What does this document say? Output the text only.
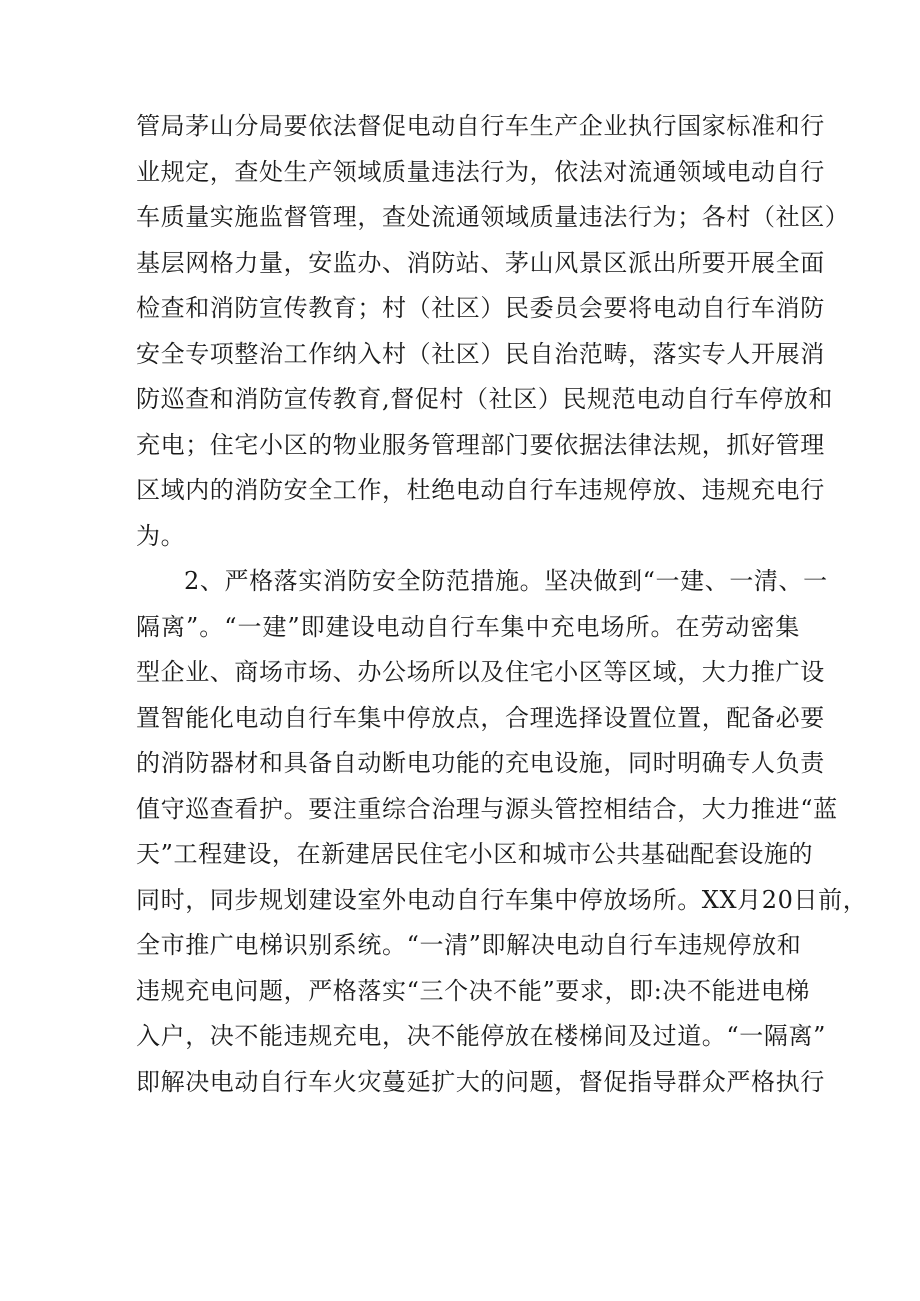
管局茅山分局要依法督促电动自行车生产企业执行国家标准和行
业规定，查处生产领域质量违法行为，依法对流通领域电动自行
车质量实施监督管理，查处流通领域质量违法行为；各村（社区）
基层网格力量，安监办、消防站、茅山风景区派出所要开展全面
检查和消防宣传教育；村（社区）民委员会要将电动自行车消防
安全专项整治工作纳入村（社区）民自治范畴，落实专人开展消
防巡查和消防宣传教育,督促村（社区）民规范电动自行车停放和
充电；住宅小区的物业服务管理部门要依据法律法规，抓好管理
区域内的消防安全工作，杜绝电动自行车违规停放、违规充电行
为。

2、严格落实消防安全防范措施。坚决做到“一建、一清、一
隔离”。“一建”即建设电动自行车集中充电场所。在劳动密集
型企业、商场市场、办公场所以及住宅小区等区域，大力推广设
置智能化电动自行车集中停放点，合理选择设置位置，配备必要
的消防器材和具备自动断电功能的充电设施，同时明确专人负责
值守巡查看护。要注重综合治理与源头管控相结合，大力推进“蓝
天”工程建设，在新建居民住宅小区和城市公共基础配套设施的
同时，同步规划建设室外电动自行车集中停放场所。XX月20日前，
全市推广电梯识别系统。“一清”即解决电动自行车违规停放和
违规充电问题，严格落实“三个决不能”要求，即:决不能进电梯
入户，决不能违规充电，决不能停放在楼梯间及过道。“一隔离”
即解决电动自行车火灾蔓延扩大的问题，督促指导群众严格执行
